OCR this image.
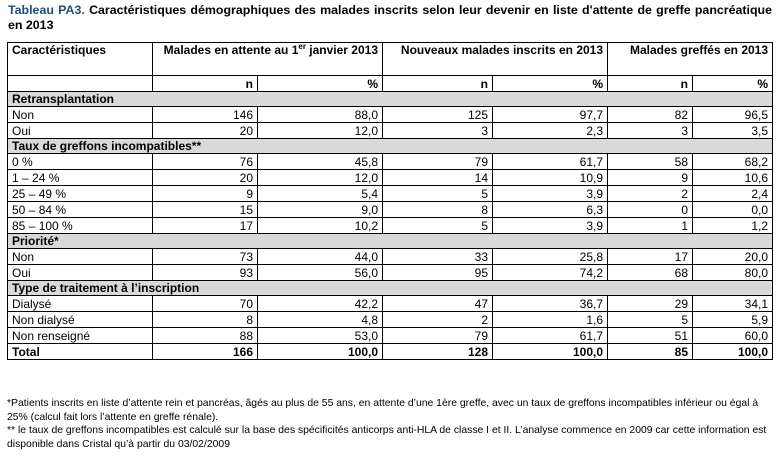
Tableau PA3. Caractéristiques démographiques des malades inscrits selon leur devenir en liste d'attente de greffe pancréatique en 2013
Caractéristiques	Malades en attente au 1er janvier 2013		Nouveaux malades inscrits en 2013		Malades greffés en 2013	
	n	%	n	%	n	%
Retransplantation						
Non	146	88,0	125	97,7	82	96,5
Oui	20	12,0	3	2,3	3	3,5
Taux de greffons incompatibles**						
0 %	76	45,8	79	61,7	58	68,2
1 – 24 %	20	12,0	14	10,9	9	10,6
25 – 49 %	9	5,4	5	3,9	2	2,4
50 – 84 %	15	9,0	8	6,3	0	0,0
85 – 100 %	17	10,2	5	3,9	1	1,2
Priorité*						
Non	73	44,0	33	25,8	17	20,0
Oui	93	56,0	95	74,2	68	80,0
Type de traitement à l’inscription						
Dialysé	70	42,2	47	36,7	29	34,1
Non dialysé	8	4,8	2	1,6	5	5,9
Non renseigné	88	53,0	79	61,7	51	60,0
Total	166	100,0	128	100,0	85	100,0
*Patients inscrits en liste d’attente rein et pancréas, âgés au plus de 55 ans, en attente d’une 1ère greffe, avec un taux de greffons incompatibles inférieur ou égal à 25% (calcul fait lors l’attente en greffe rénale).
** le taux de greffons incompatibles est calculé sur la base des spécificités anticorps anti-HLA de classe I et II. L’analyse commence en 2009 car cette information est disponible dans Cristal qu’à partir du 03/02/2009
